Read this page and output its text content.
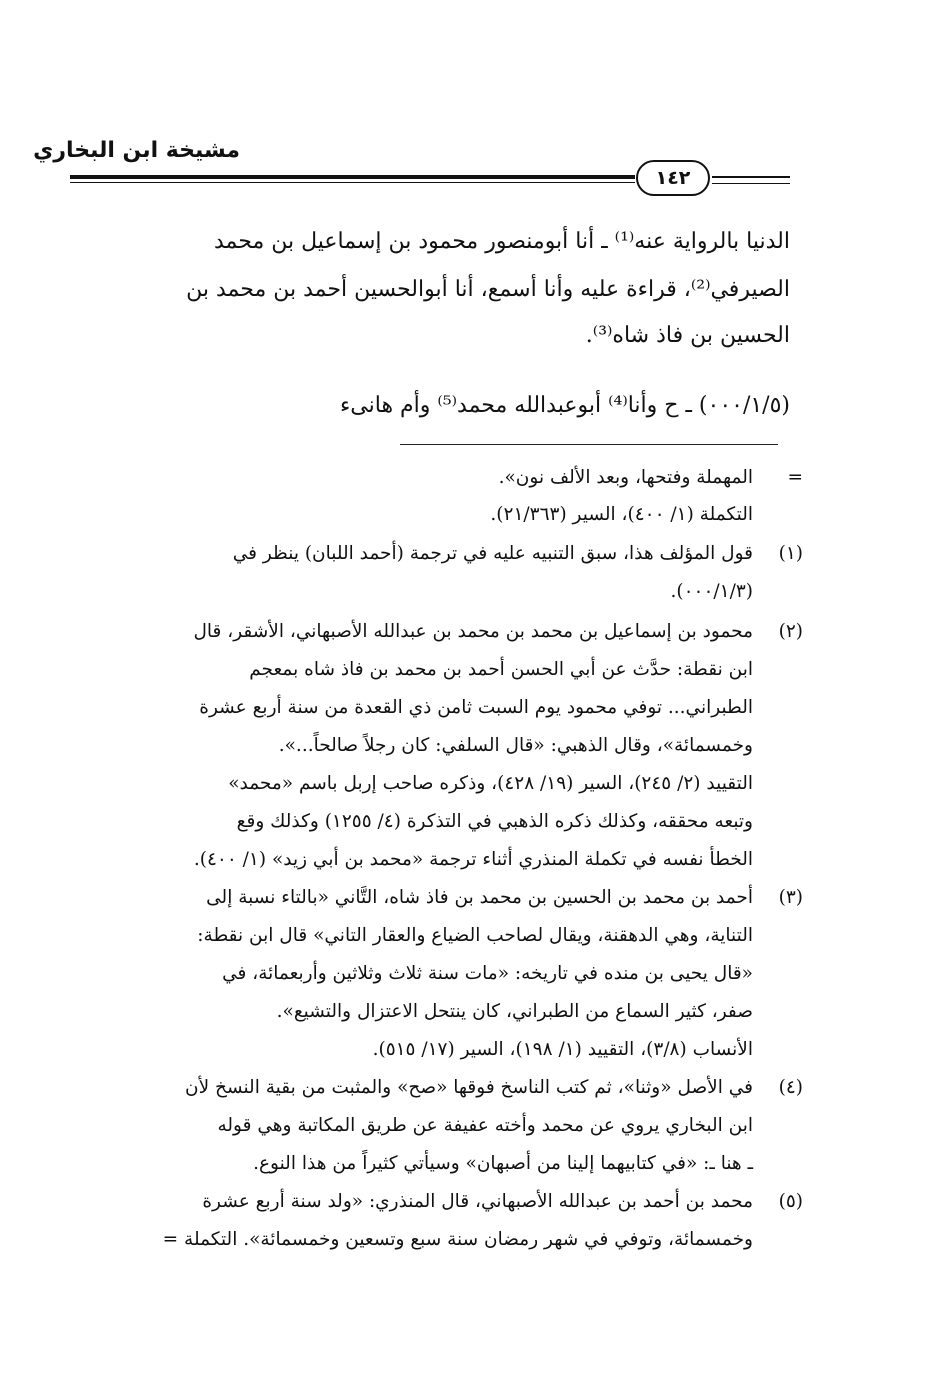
مشيخة ابن البخاري
١٤٢
الدنيا بالرواية عنه⁽¹⁾ ـ أنا أبومنصور محمود بن إسماعيل بن محمد
الصيرفي⁽²⁾، قراءة عليه وأنا أسمع، أنا أبوالحسين أحمد بن محمد بن
الحسين بن فاذ شاه⁽³⁾.
(٠٠٠/١/٥) ـ ح وأنا⁽⁴⁾ أبوعبدالله محمد⁽⁵⁾ وأم هانىء
=
المهملة وفتحها، وبعد الألف نون».
التكملة (١/ ٤٠٠)، السير (٢١/٣٦٣).
(١)
قول المؤلف هذا، سبق التنبيه عليه في ترجمة (أحمد اللبان) ينظر في
(٠٠٠/١/٣).
(٢)
محمود بن إسماعيل بن محمد بن محمد بن عبدالله الأصبهاني، الأشقر، قال
ابن نقطة: حدَّث عن أبي الحسن أحمد بن محمد بن فاذ شاه بمعجم
الطبراني... توفي محمود يوم السبت ثامن ذي القعدة من سنة أربع عشرة
وخمسمائة»، وقال الذهبي: «قال السلفي: كان رجلاً صالحاً...».
التقييد (٢/ ٢٤٥)، السير (١٩/ ٤٢٨)، وذكره صاحب إربل باسم «محمد»
وتبعه محققه، وكذلك ذكره الذهبي في التذكرة (٤/ ١٢٥٥) وكذلك وقع
الخطأ نفسه في تكملة المنذري أثناء ترجمة «محمد بن أبي زيد» (١/ ٤٠٠).
(٣)
أحمد بن محمد بن الحسين بن محمد بن فاذ شاه، التَّاني «بالتاء نسبة إلى
التناية، وهي الدهقنة، ويقال لصاحب الضياع والعقار التاني» قال ابن نقطة:
«قال يحيى بن منده في تاريخه: «مات سنة ثلاث وثلاثين وأربعمائة، في
صفر، كثير السماع من الطبراني، كان ينتحل الاعتزال والتشيع».
الأنساب (٣/٨)، التقييد (١/ ١٩٨)، السير (١٧/ ٥١٥).
(٤)
في الأصل «وثنا»، ثم كتب الناسخ فوقها «صح» والمثبت من بقية النسخ لأن
ابن البخاري يروي عن محمد وأخته عفيفة عن طريق المكاتبة وهي قوله
ـ هنا ـ: «في كتابيهما إلينا من أصبهان» وسيأتي كثيراً من هذا النوع.
(٥)
محمد بن أحمد بن عبدالله الأصبهاني، قال المنذري: «ولد سنة أربع عشرة
وخمسمائة، وتوفي في شهر رمضان سنة سبع وتسعين وخمسمائة». التكملة =
